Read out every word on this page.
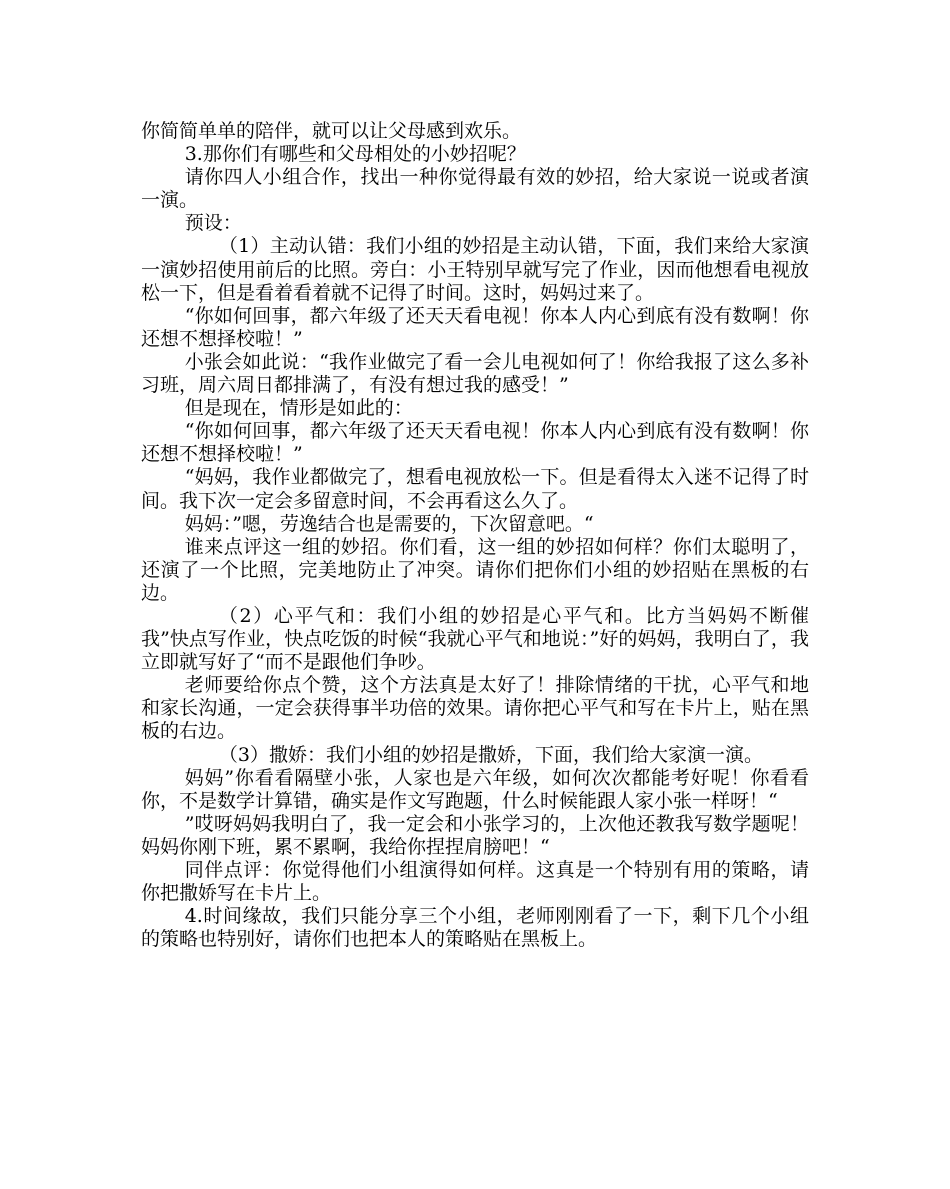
你简简单单的陪伴，就可以让父母感到欢乐。

3.那你们有哪些和父母相处的小妙招呢？

请你四人小组合作，找出一种你觉得最有效的妙招，给大家说一说或者演一演。

预设：

（1）主动认错：我们小组的妙招是主动认错，下面，我们来给大家演一演妙招使用前后的比照。旁白：小王特别早就写完了作业，因而他想看电视放松一下，但是看着看着就不记得了时间。这时，妈妈过来了。

“你如何回事，都六年级了还天天看电视！你本人内心到底有没有数啊！你还想不想择校啦！”

小张会如此说：“我作业做完了看一会儿电视如何了！你给我报了这么多补习班，周六周日都排满了，有没有想过我的感受！”

但是现在，情形是如此的：

“你如何回事，都六年级了还天天看电视！你本人内心到底有没有数啊！你还想不想择校啦！”

“妈妈，我作业都做完了，想看电视放松一下。但是看得太入迷不记得了时间。我下次一定会多留意时间，不会再看这么久了。

妈妈：”嗯，劳逸结合也是需要的，下次留意吧。“

谁来点评这一组的妙招。你们看，这一组的妙招如何样？你们太聪明了，还演了一个比照，完美地防止了冲突。请你们把你们小组的妙招贴在黑板的右边。

（2）心平气和：我们小组的妙招是心平气和。比方当妈妈不断催我”快点写作业，快点吃饭的时候“我就心平气和地说：”好的妈妈，我明白了，我立即就写好了“而不是跟他们争吵。

老师要给你点个赞，这个方法真是太好了！排除情绪的干扰，心平气和地和家长沟通，一定会获得事半功倍的效果。请你把心平气和写在卡片上，贴在黑板的右边。

（3）撒娇：我们小组的妙招是撒娇，下面，我们给大家演一演。

妈妈”你看看隔壁小张，人家也是六年级，如何次次都能考好呢！你看看你，不是数学计算错，确实是作文写跑题，什么时候能跟人家小张一样呀！“

”哎呀妈妈我明白了，我一定会和小张学习的，上次他还教我写数学题呢！妈妈你刚下班，累不累啊，我给你捏捏肩膀吧！“

同伴点评：你觉得他们小组演得如何样。这真是一个特别有用的策略，请你把撒娇写在卡片上。

4.时间缘故，我们只能分享三个小组，老师刚刚看了一下，剩下几个小组的策略也特别好，请你们也把本人的策略贴在黑板上。
